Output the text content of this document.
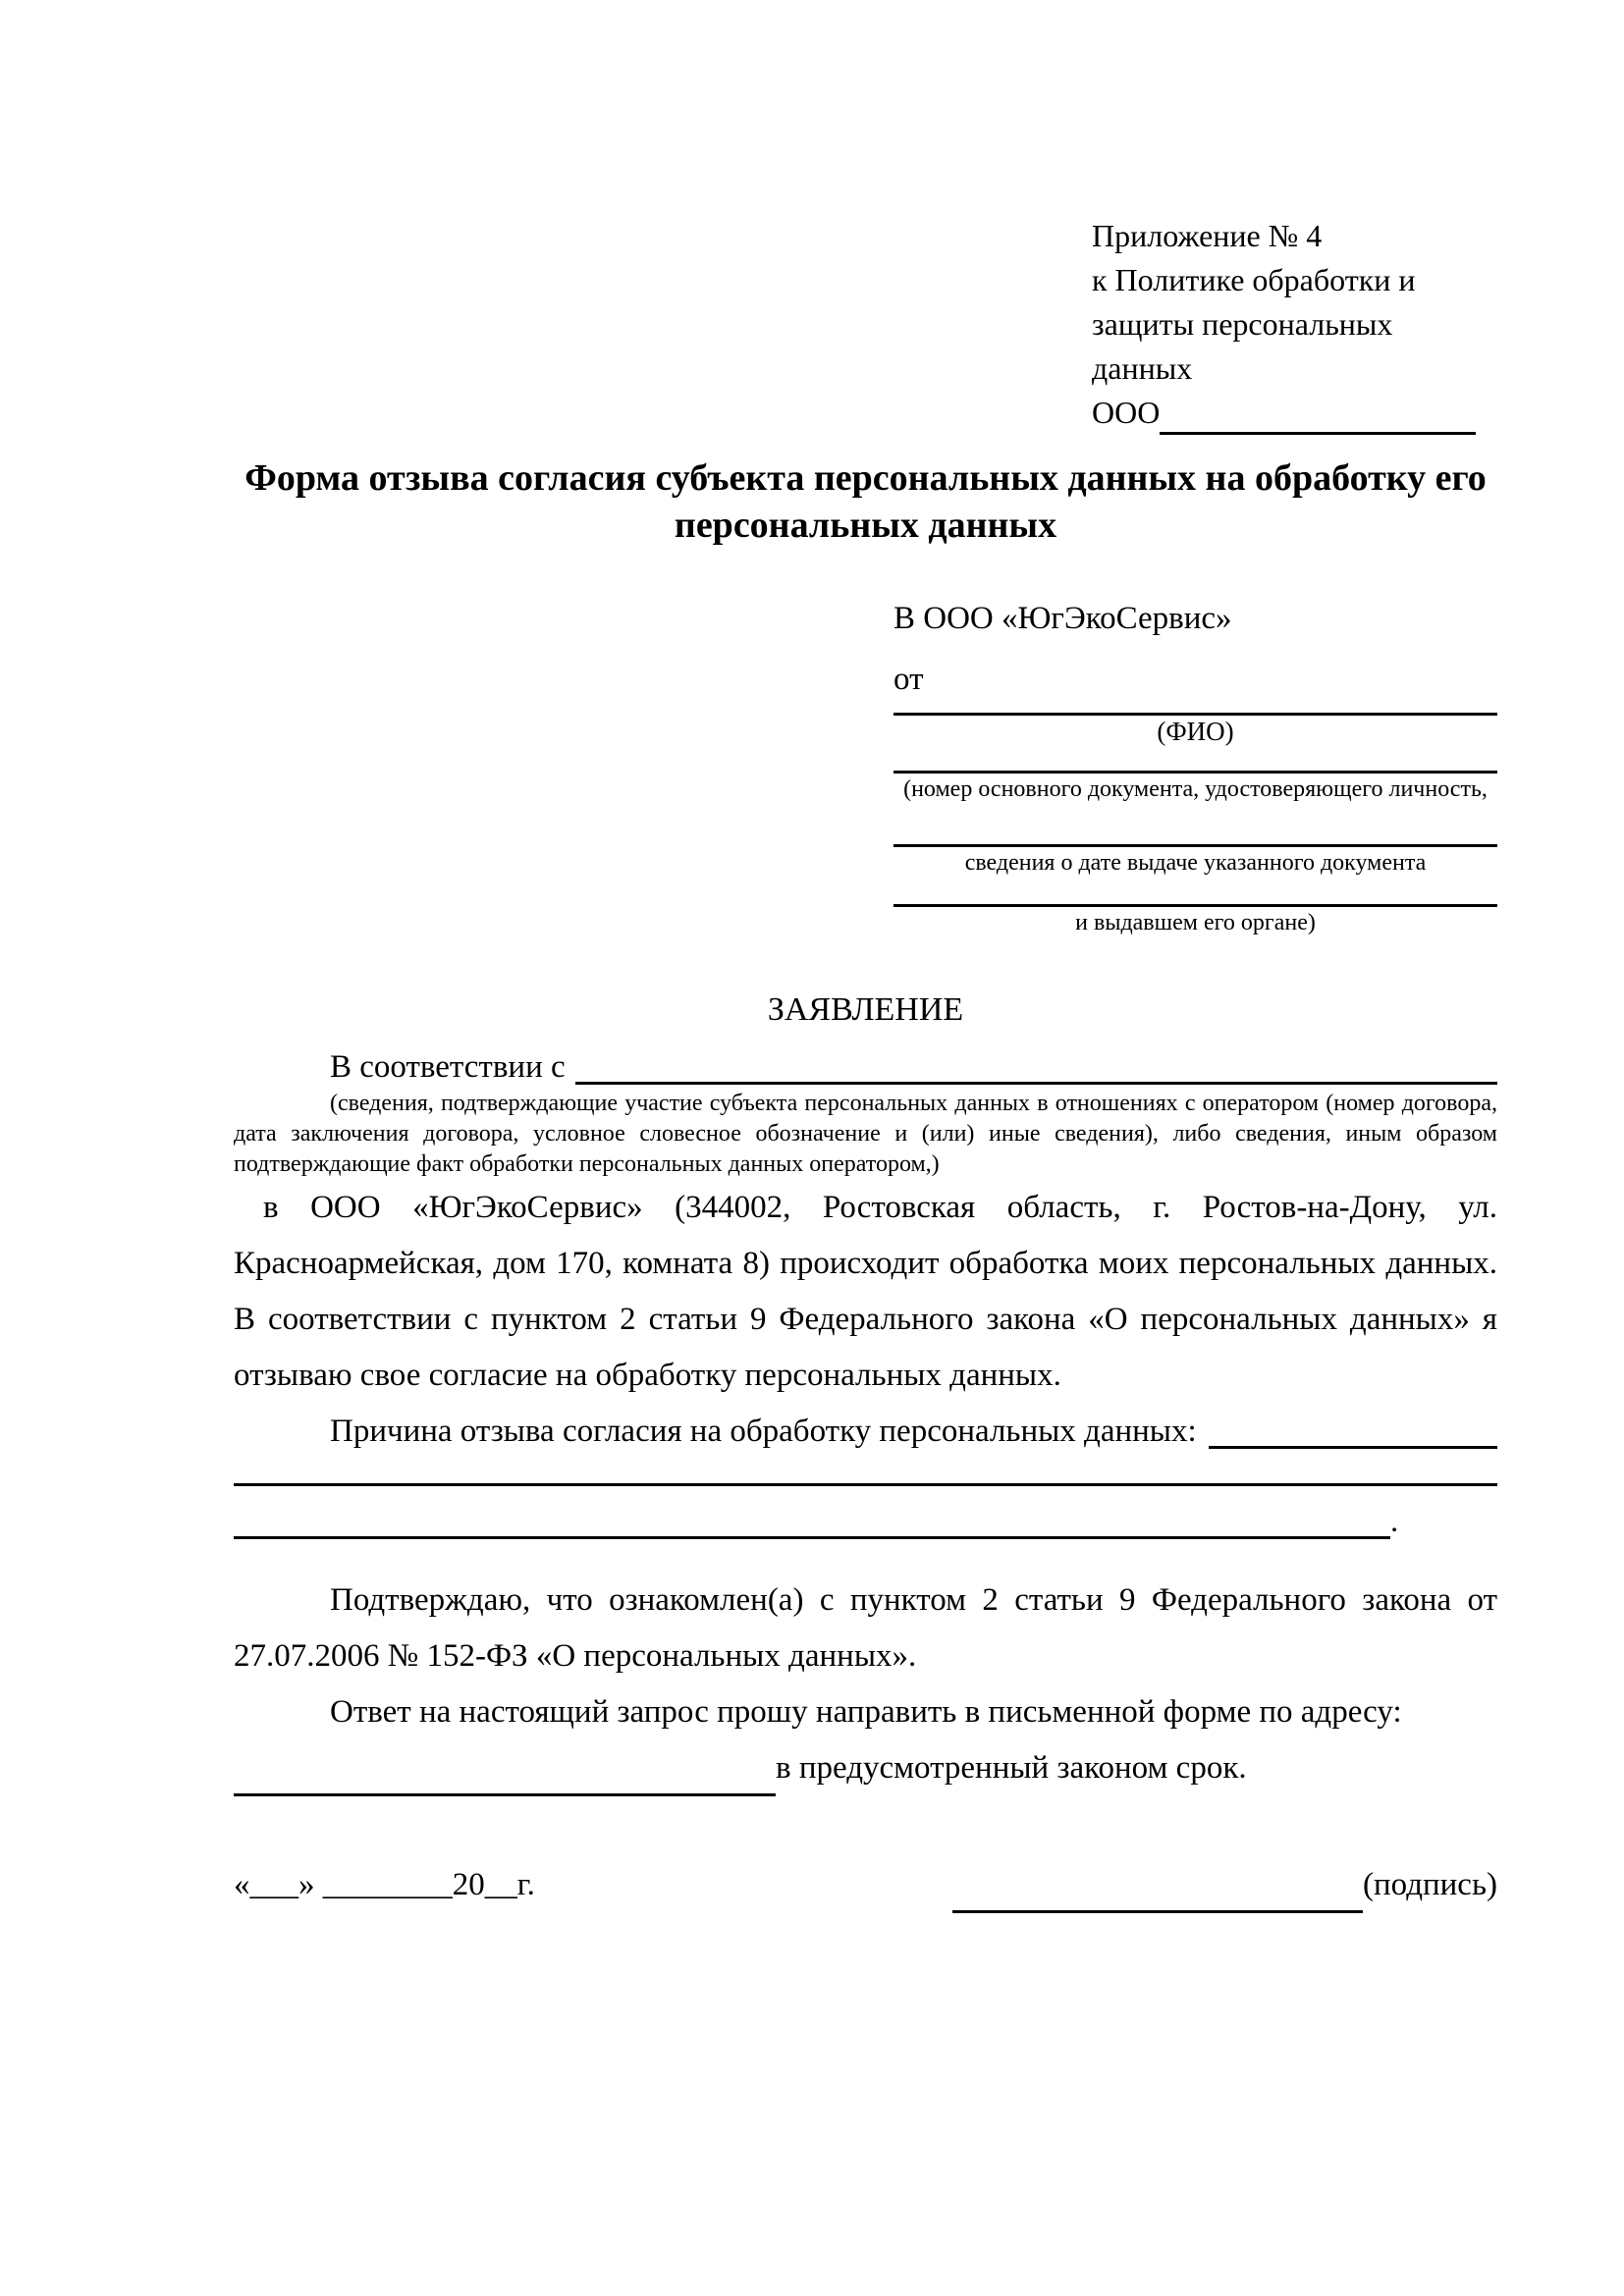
Приложение № 4
к Политике обработки и
защиты персональных данных
ООО
Форма отзыва согласия субъекта персональных данных на обработку его персональных данных
В ООО «ЮгЭкоСервис»
от
(ФИО)
(номер основного документа, удостоверяющего личность,
сведения о дате выдаче указанного документа
и выдавшем его органе)
ЗАЯВЛЕНИЕ
В соответствии с
(сведения, подтверждающие участие субъекта персональных данных в отношениях с оператором (номер договора, дата заключения договора, условное словесное обозначение и (или) иные сведения), либо сведения, иным образом подтверждающие факт обработки персональных данных оператором,)
в ООО «ЮгЭкоСервис» (344002, Ростовская область, г. Ростов-на-Дону, ул. Красноармейская, дом 170, комната 8) происходит обработка моих персональных данных. В соответствии с пунктом 2 статьи 9 Федерального закона «О персональных данных» я отзываю свое согласие на обработку персональных данных.
Причина отзыва согласия на обработку персональных данных:
.
Подтверждаю, что ознакомлен(а) с пунктом 2 статьи 9 Федерального закона от 27.07.2006 № 152-ФЗ «О персональных данных».
Ответ на настоящий запрос прошу направить в письменной форме по адресу:
в предусмотренный законом срок.
«___» ________20__г.	(подпись)
